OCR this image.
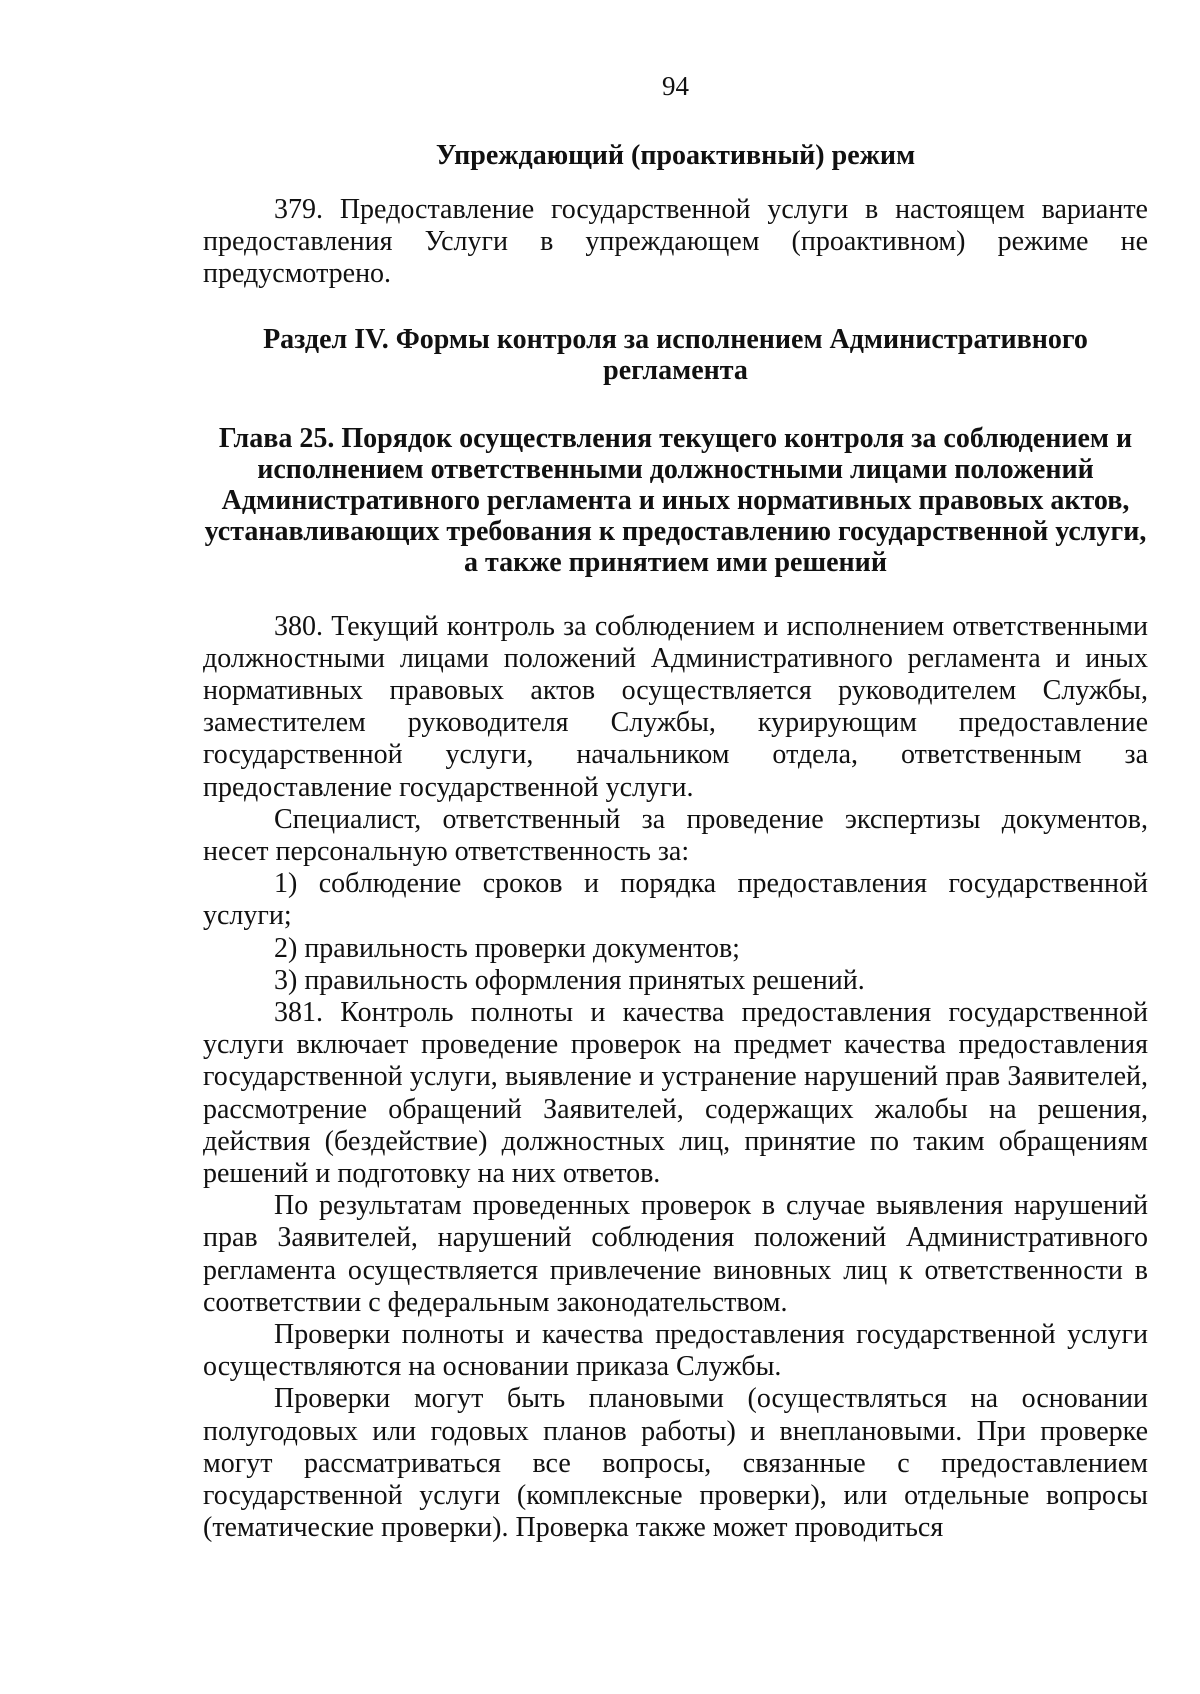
94
Упреждающий (проактивный) режим

379. Предоставление государственной услуги в настоящем варианте предоставления Услуги в упреждающем (проактивном) режиме не предусмотрено.

Раздел IV. Формы контроля за исполнением Административного регламента
Глава 25. Порядок осуществления текущего контроля за соблюдением и исполнением ответственными должностными лицами положений Административного регламента и иных нормативных правовых актов, устанавливающих требования к предоставлению государственной услуги, а также принятием ими решений

380. Текущий контроль за соблюдением и исполнением ответственными должностными лицами положений Административного регламента и иных нормативных правовых актов осуществляется руководителем Службы, заместителем руководителя Службы, курирующим предоставление государственной услуги, начальником отдела, ответственным за предоставление государственной услуги.

Специалист, ответственный за проведение экспертизы документов, несет персональную ответственность за:

1) соблюдение сроков и порядка предоставления государственной услуги;

2) правильность проверки документов;

3) правильность оформления принятых решений.

381. Контроль полноты и качества предоставления государственной услуги включает проведение проверок на предмет качества предоставления государственной услуги, выявление и устранение нарушений прав Заявителей, рассмотрение обращений Заявителей, содержащих жалобы на решения, действия (бездействие) должностных лиц, принятие по таким обращениям решений и подготовку на них ответов.

По результатам проведенных проверок в случае выявления нарушений прав Заявителей, нарушений соблюдения положений Административного регламента осуществляется привлечение виновных лиц к ответственности в соответствии с федеральным законодательством.

Проверки полноты и качества предоставления государственной услуги осуществляются на основании приказа Службы.

Проверки могут быть плановыми (осуществляться на основании полугодовых или годовых планов работы) и внеплановыми. При проверке могут рассматриваться все вопросы, связанные с предоставлением государственной услуги (комплексные проверки), или отдельные вопросы (тематические проверки). Проверка также может проводиться
